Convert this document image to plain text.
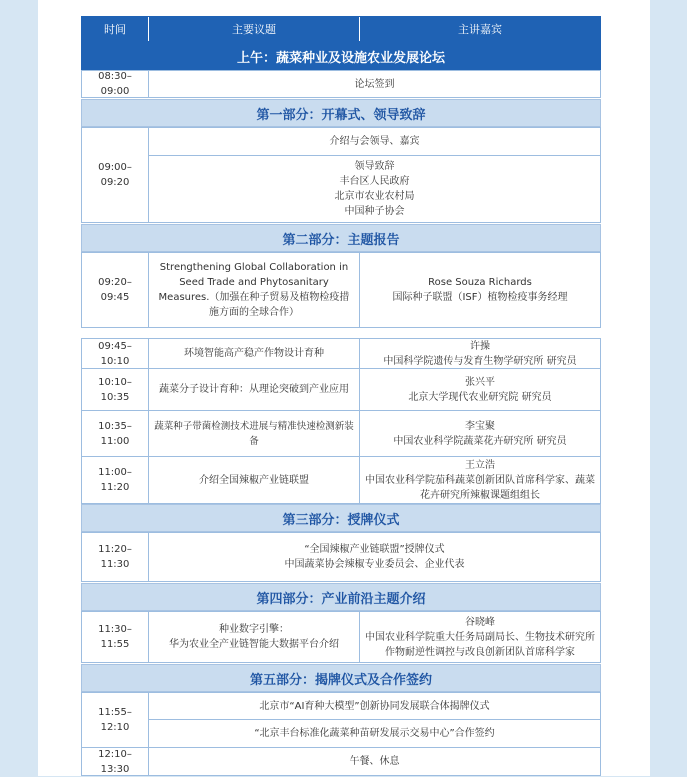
时间	主要议题	主讲嘉宾
上午：蔬菜种业及设施农业发展论坛
08:30–09:00
论坛签到
第一部分：开幕式、领导致辞
09:00–09:20
介绍与会领导、嘉宾
领导致辞
丰台区人民政府
北京市农业农村局
中国种子协会
第二部分：主题报告
09:20–09:45
Strengthening Global Collaboration in Seed Trade and Phytosanitary Measures.（加强在种子贸易及植物检疫措施方面的全球合作）
Rose Souza Richards
国际种子联盟（ISF）植物检疫事务经理
09:45–10:10
环境智能高产稳产作物设计育种
许操
中国科学院遗传与发育生物学研究所 研究员
10:10–10:35
蔬菜分子设计育种：从理论突破到产业应用
张兴平
北京大学现代农业研究院 研究员
10:35–11:00
蔬菜种子带菌检测技术进展与精准快速检测新装备
李宝聚
中国农业科学院蔬菜花卉研究所 研究员
11:00–11:20
介绍全国辣椒产业链联盟
王立浩
中国农业科学院茄科蔬菜创新团队首席科学家、蔬菜花卉研究所辣椒课题组组长
第三部分：授牌仪式
11:20–11:30
“全国辣椒产业链联盟”授牌仪式
中国蔬菜协会辣椒专业委员会、企业代表
第四部分：产业前沿主题介绍
11:30–11:55
种业数字引擎：
华为农业全产业链智能大数据平台介绍
谷晓峰
中国农业科学院重大任务局副局长、生物技术研究所作物耐逆性调控与改良创新团队首席科学家
第五部分：揭牌仪式及合作签约
11:55–12:10
北京市“AI育种大模型”创新协同发展联合体揭牌仪式
“北京丰台标准化蔬菜种苗研发展示交易中心”合作签约
12:10–13:30
午餐、休息
